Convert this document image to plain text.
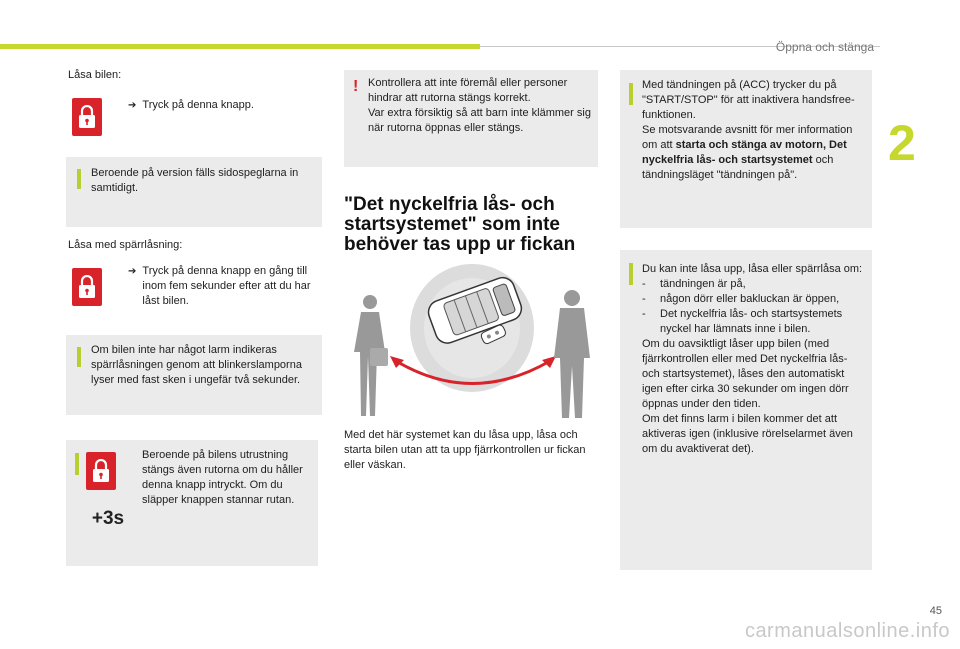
Öppna och stänga
2
Låsa bilen:
➔ Tryck på denna knapp.
Beroende på version fälls sidospeglarna in samtidigt.
Låsa med spärrlåsning:
➔ Tryck på denna knapp en gång till inom fem sekunder efter att du har låst bilen.
Om bilen inte har något larm indikeras spärrlåsningen genom att blinkerslamporna lyser med fast sken i ungefär två sekunder.
+3s
Beroende på bilens utrustning stängs även rutorna om du håller denna knapp intryckt. Om du släpper knappen stannar rutan.
! Kontrollera att inte föremål eller personer hindrar att rutorna stängs korrekt.
Var extra försiktig så att barn inte klämmer sig när rutorna öppnas eller stängs.
"Det nyckelfria lås- och startsystemet" som inte behöver tas upp ur fickan
Med det här systemet kan du låsa upp, låsa och starta bilen utan att ta upp fjärrkontrollen ur fickan eller väskan.
Med tändningen på (ACC) trycker du på "START/STOP" för att inaktivera handsfree-funktionen.
Se motsvarande avsnitt för mer information om att starta och stänga av motorn, Det nyckelfria lås- och startsystemet och tändningsläget "tändningen på".
Du kan inte låsa upp, låsa eller spärrlåsa om:
-	tändningen är på,
-	någon dörr eller bakluckan är öppen,
-	Det nyckelfria lås- och startsystemets nyckel har lämnats inne i bilen.
Om du oavsiktligt låser upp bilen (med fjärrkontrollen eller med Det nyckelfria lås- och startsystemet), låses den automatiskt igen efter cirka 30 sekunder om ingen dörr öppnas under den tiden.
Om det finns larm i bilen kommer det att aktiveras igen (inklusive rörelselarmet även om du avaktiverat det).
45
carmanualsonline.info
